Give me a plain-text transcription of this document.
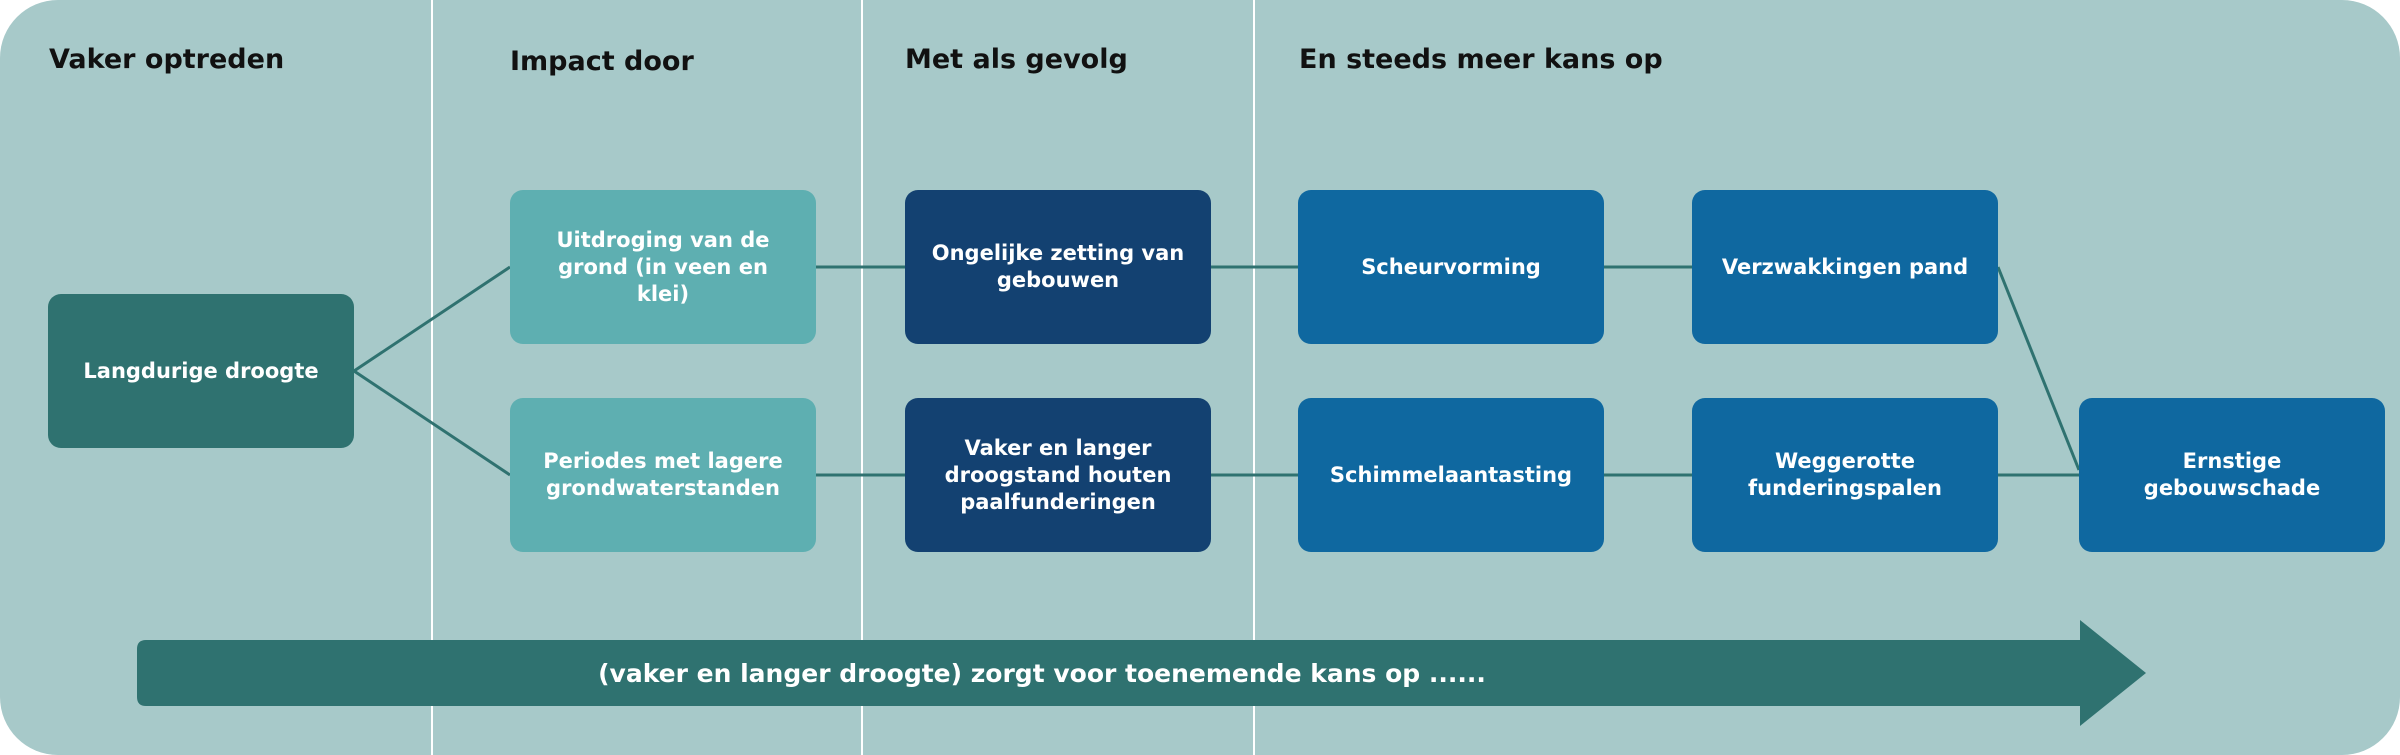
Vaker optreden	Impact door	Met als gevolg	En steeds meer kans op
Langdurige droogte
Uitdroging van de grond (in veen en klei)
Periodes met lagere grondwaterstanden
Ongelijke zetting van gebouwen
Vaker en langer droogstand houten paalfunderingen
Scheurvorming
Schimmelaantasting
Verzwakkingen pand
Weggerotte funderingspalen
Ernstige gebouwschade
(vaker en langer droogte) zorgt voor toenemende kans op ......
